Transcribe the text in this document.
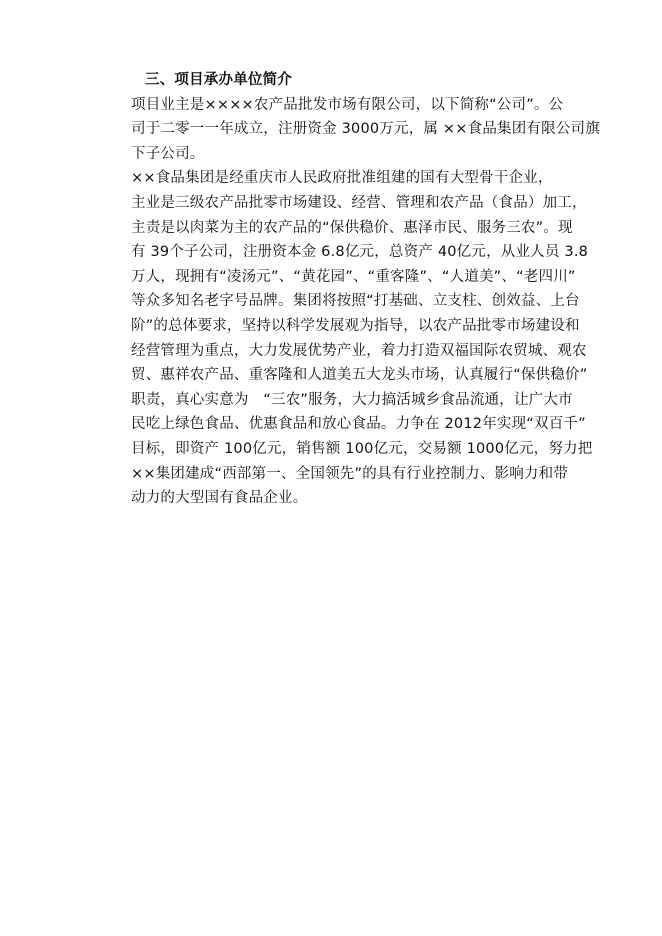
三、项目承办单位简介

项目业主是××××农产品批发市场有限公司，以下简称“公司”。公
司于二零一一年成立，注册资金 3000万元，属 ××食品集团有限公司旗
下子公司。

××食品集团是经重庆市人民政府批准组建的国有大型骨干企业，
主业是三级农产品批零市场建设、经营、管理和农产品（食品）加工，
主责是以肉菜为主的农产品的“保供稳价、惠泽市民、服务三农”。现
有 39个子公司，注册资本金 6.8亿元，总资产 40亿元，从业人员 3.8
万人，现拥有“凌汤元”、“黄花园”、“重客隆”、“人道美”、“老四川”
等众多知名老字号品牌。集团将按照“打基础、立支柱、创效益、上台
阶”的总体要求，坚持以科学发展观为指导，以农产品批零市场建设和
经营管理为重点，大力发展优势产业，着力打造双福国际农贸城、观农
贸、惠祥农产品、重客隆和人道美五大龙头市场，认真履行“保供稳价”
职责，真心实意为　“三农”服务，大力搞活城乡食品流通，让广大市
民吃上绿色食品、优惠食品和放心食品。力争在 2012年实现“双百千”
目标，即资产 100亿元，销售额 100亿元，交易额 1000亿元，努力把
××集团建成“西部第一、全国领先”的具有行业控制力、影响力和带
动力的大型国有食品企业。
